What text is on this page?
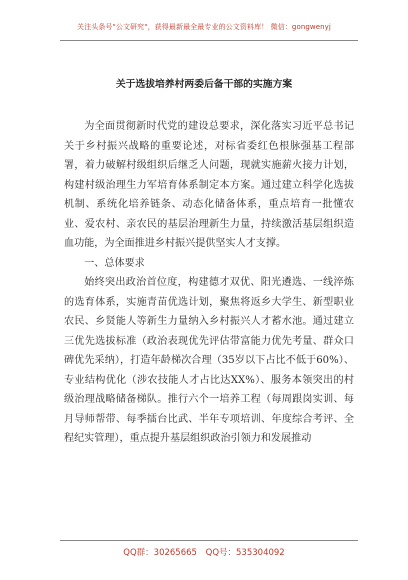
关注头条号"公文研究"，获得最新最全最专业的公文资料库！ 微信：gongwenyj
关于选拔培养村两委后备干部的实施方案

为全面贯彻新时代党的建设总要求，深化落实习近平总书记关于乡村振兴战略的重要论述，对标省委红色根脉强基工程部署，着力破解村级组织后继乏人问题，现就实施薪火接力计划，构建村级治理生力军培育体系制定本方案。通过建立科学化选拔机制、系统化培养链条、动态化储备体系，重点培育一批懂农业、爱农村、亲农民的基层治理新生力量，持续激活基层组织造血功能，为全面推进乡村振兴提供坚实人才支撑。

一、总体要求

始终突出政治首位度，构建德才双优、阳光遴选、一线淬炼的选育体系，实施青苗优选计划，聚焦将返乡大学生、新型职业农民、乡贤能人等新生力量纳入乡村振兴人才蓄水池。通过建立三优先选拔标准（政治表现优先评估带富能力优先考量、群众口碑优先采纳），打造年龄梯次合理（35岁以下占比不低于60%）、专业结构优化（涉农技能人才占比达XX%）、服务本领突出的村级治理战略储备梯队。推行六个一培养工程（每周跟岗实训、每月导师帮带、每季擂台比武、半年专项培训、年度综合考评、全程纪实管理），重点提升基层组织政治引领力和发展推动

QQ群：30265665 QQ号：535304092
